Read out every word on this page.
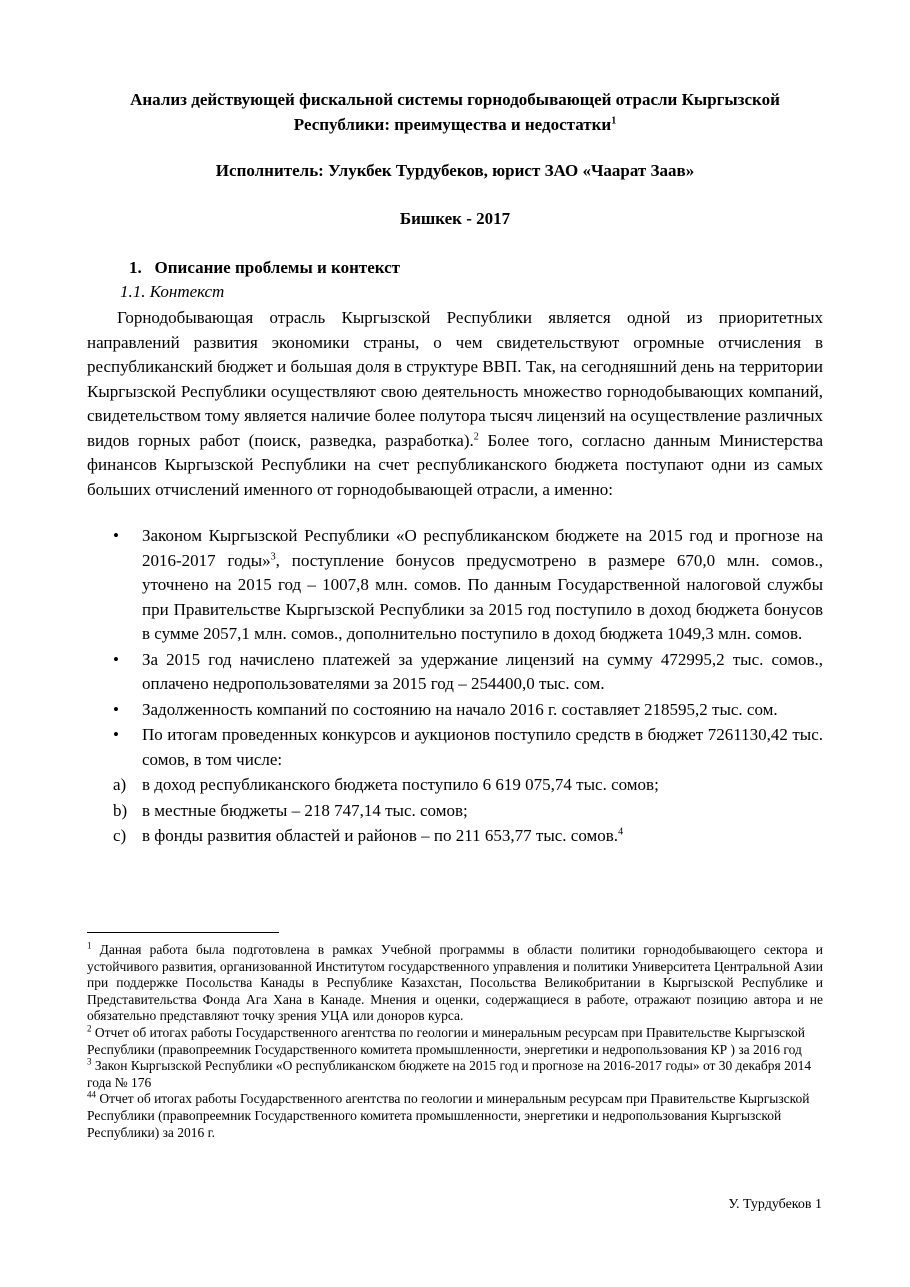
Анализ действующей фискальной системы горнодобывающей отрасли Кыргызской
Республики: преимущества и недостатки$^1$
Исполнитель: Улукбек Турдубеков, юрист ЗАО «Чаарат Заав»
Бишкек - 2017
1. Описание проблемы и контекст
1.1. Контекст

Горнодобывающая отрасль Кыргызской Республики является одной из приоритетных направлений развития экономики страны, о чем свидетельствуют огромные отчисления в республиканский бюджет и большая доля в структуре ВВП. Так, на сегодняшний день на территории Кыргызской Республики осуществляют свою деятельность множество горнодобывающих компаний, свидетельством тому является наличие более полутора тысяч лицензий на осуществление различных видов горных работ (поиск, разведка, разработка).$^2$ Более того, согласно данным Министерства финансов Кыргызской Республики на счет республиканского бюджета поступают одни из самых больших отчислений именного от горнодобывающей отрасли, а именно:

•	Законом Кыргызской Республики «О республиканском бюджете на 2015 год и прогнозе на 2016-2017 годы»$^3$, поступление бонусов предусмотрено в размере 670,0 млн. сомов., уточнено на 2015 год – 1007,8 млн. сомов. По данным Государственной налоговой службы при Правительстве Кыргызской Республики за 2015 год поступило в доход бюджета бонусов в сумме 2057,1 млн. сомов., дополнительно поступило в доход бюджета 1049,3 млн. сомов.
•	За 2015 год начислено платежей за удержание лицензий на сумму 472995,2 тыс. сомов., оплачено недропользователями за 2015 год – 254400,0 тыс. сом.
•	Задолженность компаний по состоянию на начало 2016 г. составляет 218595,2 тыс. сом.
•	По итогам проведенных конкурсов и аукционов поступило средств в бюджет 7261130,42 тыс. сомов, в том числе:
a) в доход республиканского бюджета поступило 6 619 075,74 тыс. сомов;
b) в местные бюджеты – 218 747,14 тыс. сомов;
c) в фонды развития областей и районов – по 211 653,77 тыс. сомов.$^4$

$^1$ Данная работа была подготовлена в рамках Учебной программы в области политики горнодобывающего сектора и устойчивого развития, организованной Институтом государственного управления и политики Университета Центральной Азии при поддержке Посольства Канады в Республике Казахстан, Посольства Великобритании в Кыргызской Республике и Представительства Фонда Ага Хана в Канаде. Мнения и оценки, содержащиеся в работе, отражают позицию автора и не обязательно представляют точку зрения УЦА или доноров курса.

$^2$ Отчет об итогах работы Государственного агентства по геологии и минеральным ресурсам при Правительстве Кыргызской Республики (правопреемник Государственного комитета промышленности, энергетики и недропользования КР ) за 2016 год

$^3$ Закон Кыргызской Республики «О республиканском бюджете на 2015 год и прогнозе на 2016-2017 годы» от 30 декабря 2014 года № 176

$^{44}$ Отчет об итогах работы Государственного агентства по геологии и минеральным ресурсам при Правительстве Кыргызской Республики (правопреемник Государственного комитета промышленности, энергетики и недропользования Кыргызской Республики) за 2016 г.

У. Турдубеков 1
